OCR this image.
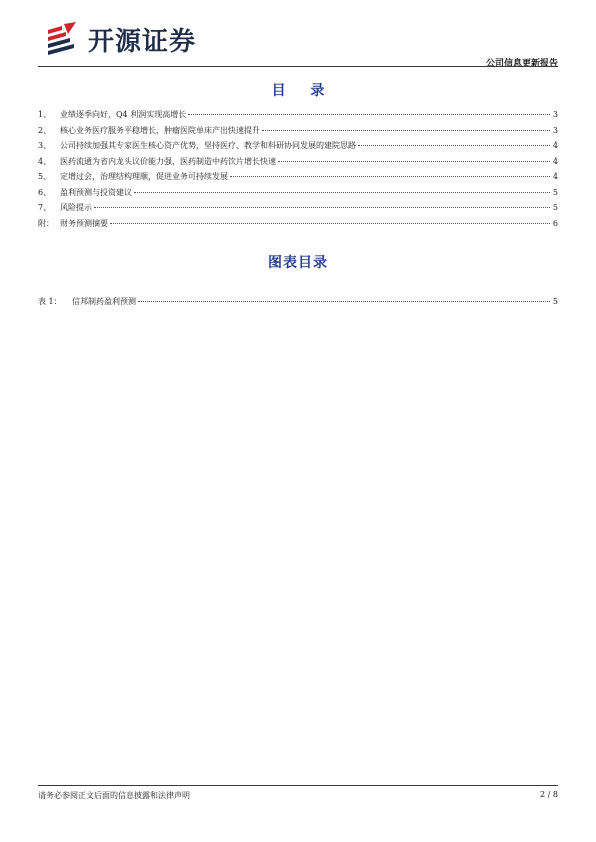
开源证券
公司信息更新报告
目 录
1、	业绩逐季向好，Q4 利润实现高增长	3
2、	核心业务医疗服务平稳增长，肿瘤医院单床产出快速提升	3
3、	公司持续加强其专家医生核心资产优势，坚持医疗、教学和科研协同发展的建院思路	4
4、	医药流通为省内龙头议价能力强，医药制造中药饮片增长快速	4
5、	定增过会，治理结构理顺，促进业务可持续发展	4
6、	盈利预测与投资建议	5
7、	风险提示	5
附： 财务预测摘要	6
图表目录
表 1：	信邦制药盈利预测	5
请务必参阅正文后面的信息披露和法律声明	2 / 8
